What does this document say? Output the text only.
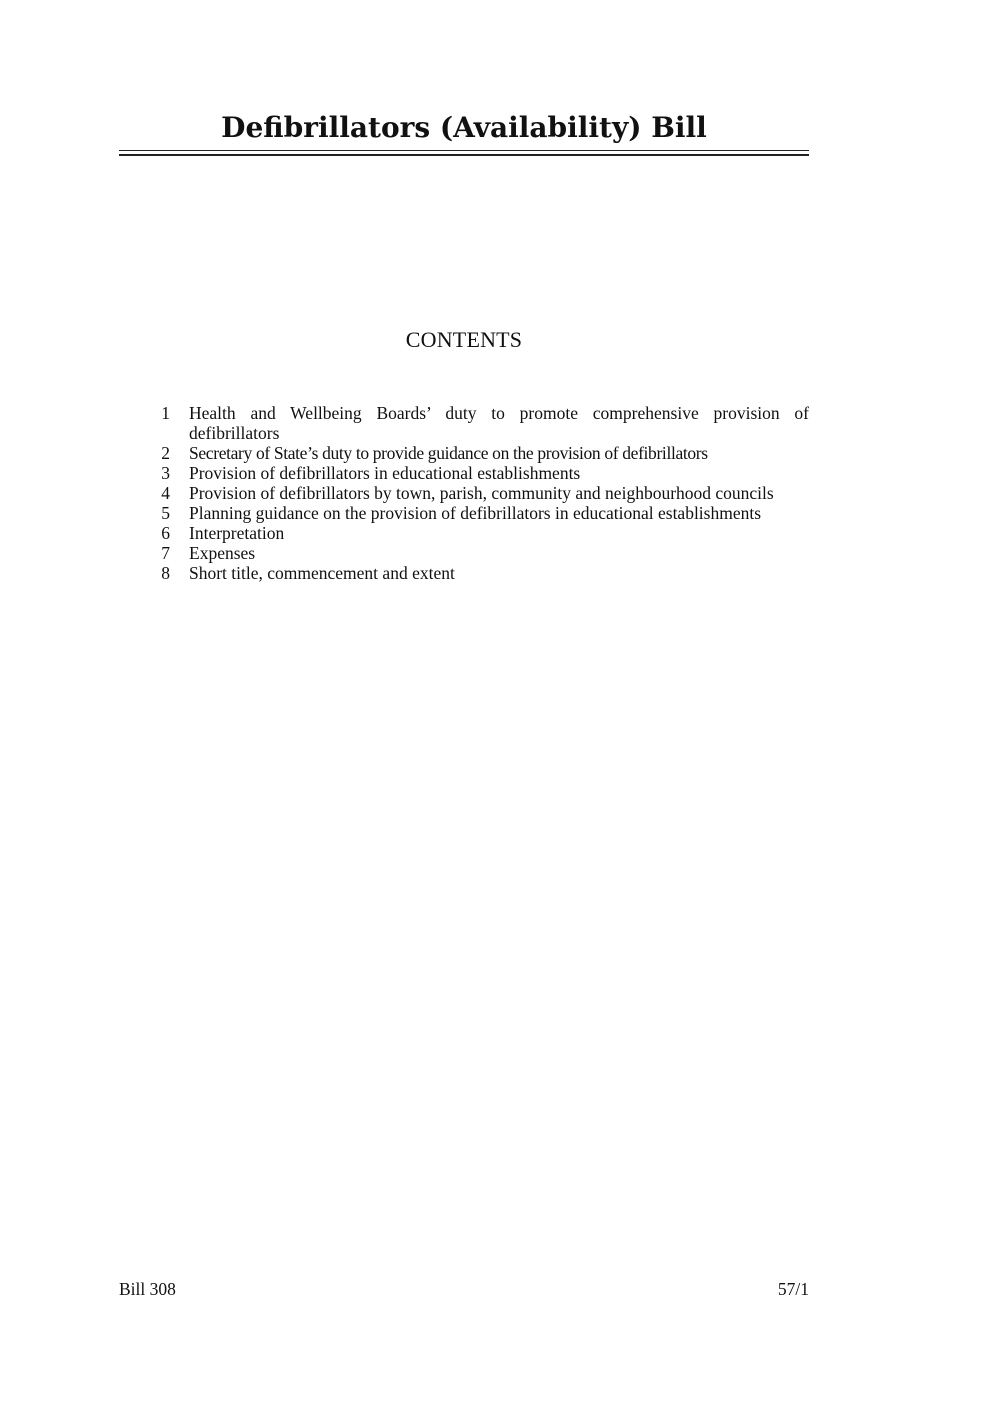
Defibrillators (Availability) Bill
CONTENTS
1 Health and Wellbeing Boards’ duty to promote comprehensive provision of defibrillators
2 Secretary of State’s duty to provide guidance on the provision of defibrillators
3 Provision of defibrillators in educational establishments
4 Provision of defibrillators by town, parish, community and neighbourhood councils
5 Planning guidance on the provision of defibrillators in educational establishments
6 Interpretation
7 Expenses
8 Short title, commencement and extent
Bill 308	57/1
